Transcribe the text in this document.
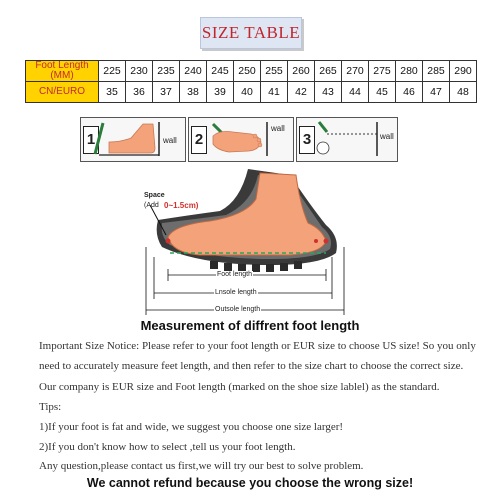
SIZE TABLE
Foot Length (MM)	225	230	235	240	245	250	255	260	265	270	275	280	285	290
CN/EURO	35	36	37	38	39	40	41	42	43	44	45	46	47	48
1	wall 2
wall
3	wall
Space
(Add 0~1.5cm)
Foot length
Lnsole length
Outsole length
Measurement of diffrent foot length

Important Size Notice: Please refer to your foot length or EUR size to choose US size! So you only

need to accurately measure feet length, and then refer to the size chart to choose the correct size.

Our company is EUR size and Foot length (marked on the shoe size lablel) as the standard.

Tips:

1)If your foot is fat and wide, we suggest you choose one size larger!

2)If you don't know how to select ,tell us your foot length.

Any question,please contact us first,we will try our best to solve problem.

We cannot refund because you choose the wrong size!
